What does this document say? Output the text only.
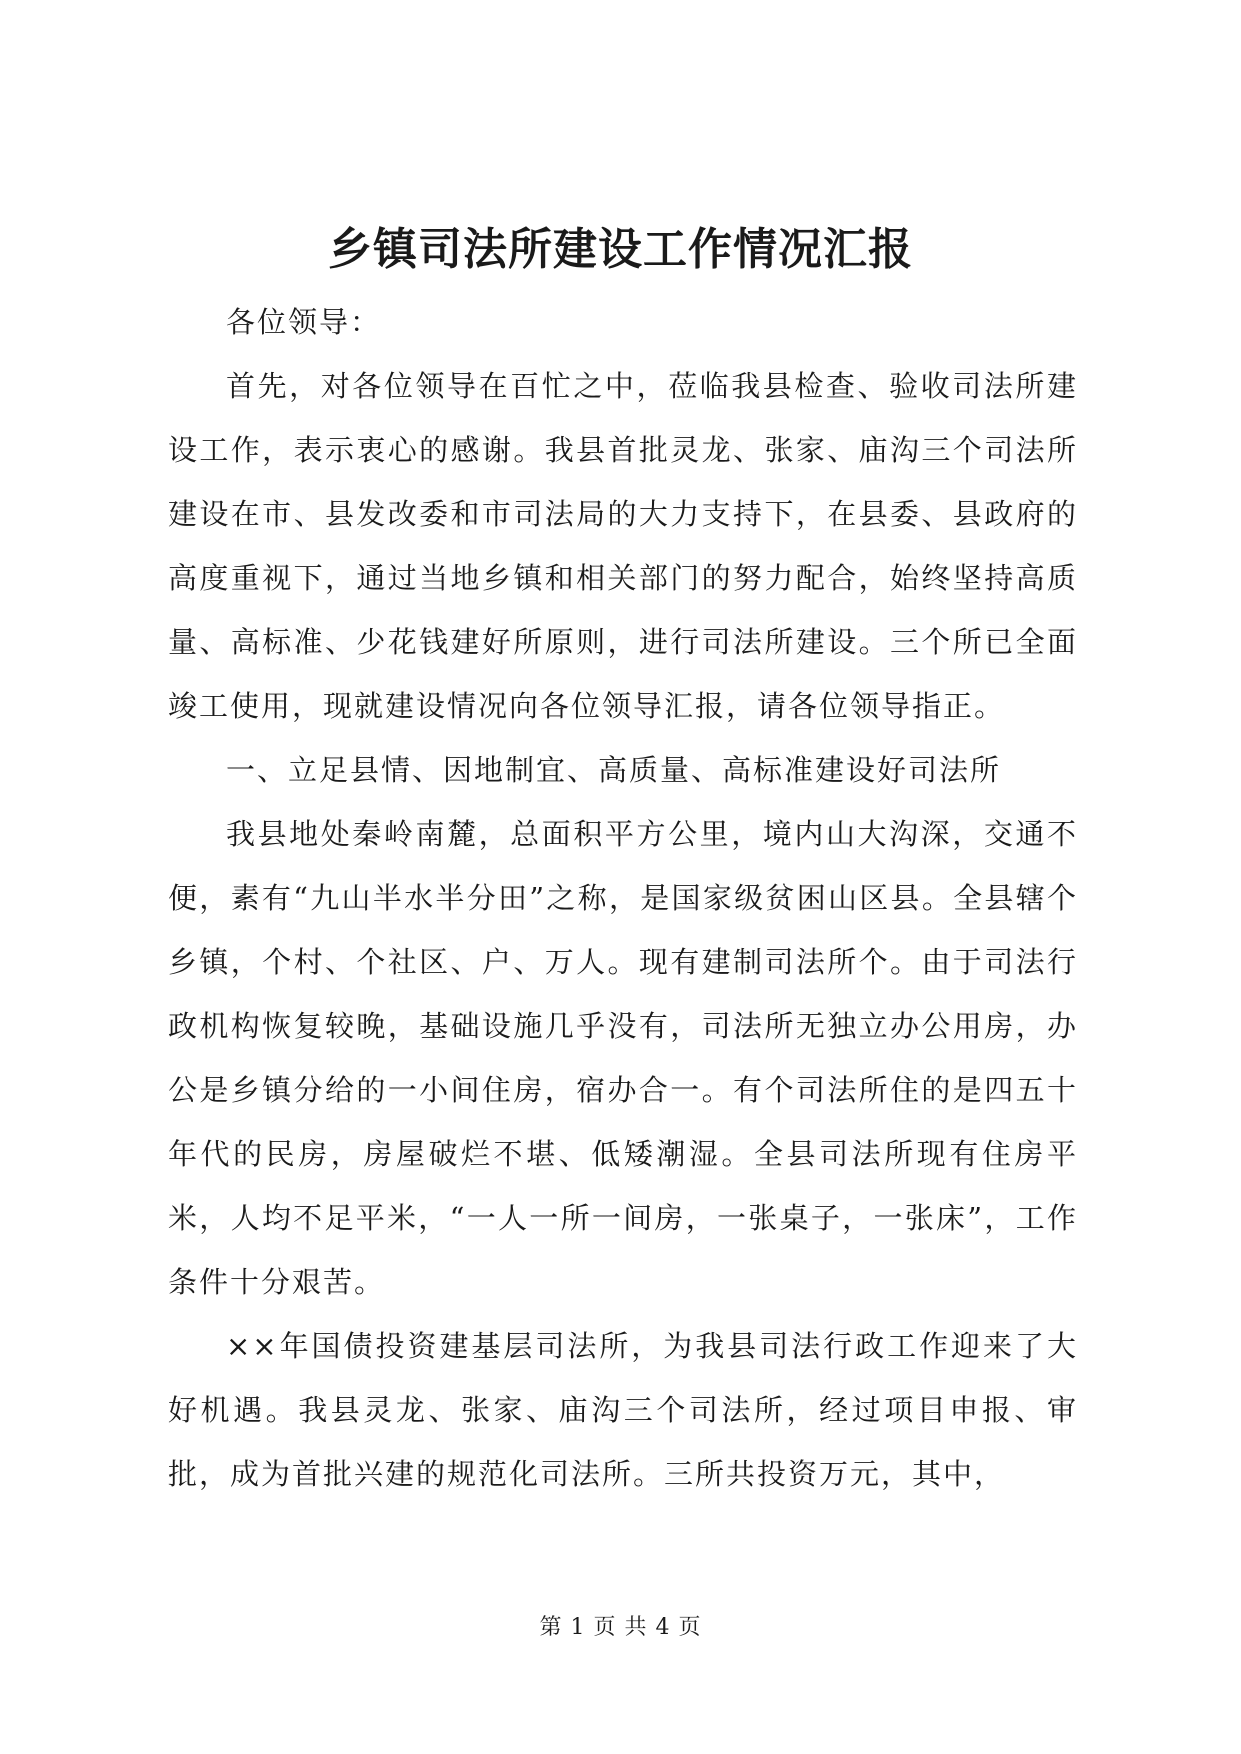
乡镇司法所建设工作情况汇报

各位领导：

首先，对各位领导在百忙之中，莅临我县检查、验收司法所建设工作，表示衷心的感谢。我县首批灵龙、张家、庙沟三个司法所建设在市、县发改委和市司法局的大力支持下，在县委、县政府的高度重视下，通过当地乡镇和相关部门的努力配合，始终坚持高质量、高标准、少花钱建好所原则，进行司法所建设。三个所已全面竣工使用，现就建设情况向各位领导汇报，请各位领导指正。

一、立足县情、因地制宜、高质量、高标准建设好司法所

我县地处秦岭南麓，总面积平方公里，境内山大沟深，交通不便，素有“九山半水半分田”之称，是国家级贫困山区县。全县辖个乡镇，个村、个社区、户、万人。现有建制司法所个。由于司法行政机构恢复较晚，基础设施几乎没有，司法所无独立办公用房，办公是乡镇分给的一小间住房，宿办合一。有个司法所住的是四五十年代的民房，房屋破烂不堪、低矮潮湿。全县司法所现有住房平米，人均不足平米，“一人一所一间房，一张桌子，一张床”，工作条件十分艰苦。

××年国债投资建基层司法所，为我县司法行政工作迎来了大好机遇。我县灵龙、张家、庙沟三个司法所，经过项目申报、审批，成为首批兴建的规范化司法所。三所共投资万元，其中，

第 1 页 共 4 页
